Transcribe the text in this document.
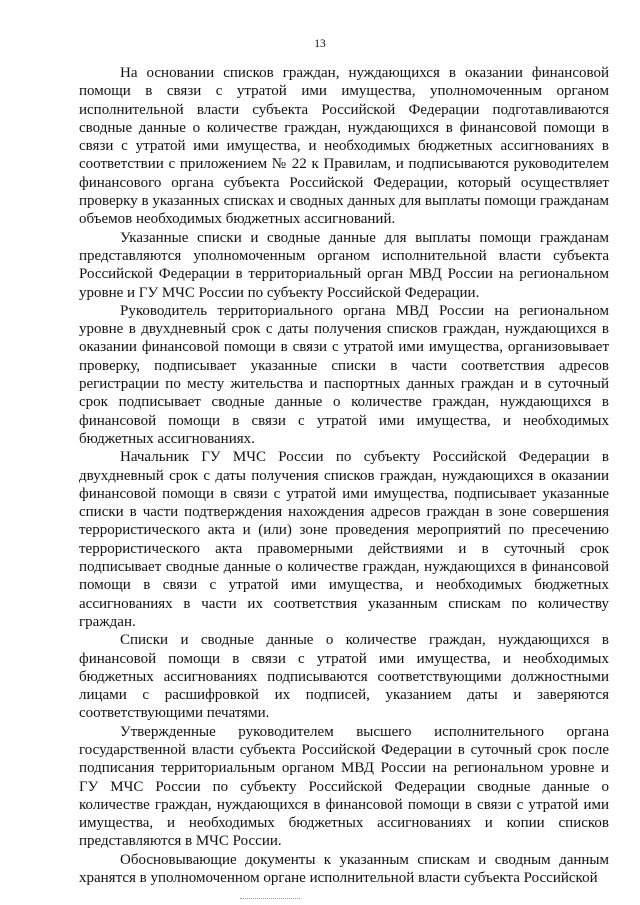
13

На основании списков граждан, нуждающихся в оказании финансовой помощи в связи с утратой ими имущества, уполномоченным органом исполнительной власти субъекта Российской Федерации подготавливаются сводные данные о количестве граждан, нуждающихся в финансовой помощи в связи с утратой ими имущества, и необходимых бюджетных ассигнованиях в соответствии с приложением № 22 к Правилам, и подписываются руководителем финансового органа субъекта Российской Федерации, который осуществляет проверку в указанных списках и сводных данных для выплаты помощи гражданам объемов необходимых бюджетных ассигнований.

Указанные списки и сводные данные для выплаты помощи гражданам представляются уполномоченным органом исполнительной власти субъекта Российской Федерации в территориальный орган МВД России на региональном уровне и ГУ МЧС России по субъекту Российской Федерации.

Руководитель территориального органа МВД России на региональном уровне в двухдневный срок с даты получения списков граждан, нуждающихся в оказании финансовой помощи в связи с утратой ими имущества, организовывает проверку, подписывает указанные списки в части соответствия адресов регистрации по месту жительства и паспортных данных граждан и в суточный срок подписывает сводные данные о количестве граждан, нуждающихся в финансовой помощи в связи с утратой ими имущества, и необходимых бюджетных ассигнованиях.

Начальник ГУ МЧС России по субъекту Российской Федерации в двухдневный срок с даты получения списков граждан, нуждающихся в оказании финансовой помощи в связи с утратой ими имущества, подписывает указанные списки в части подтверждения нахождения адресов граждан в зоне совершения террористического акта и (или) зоне проведения мероприятий по пресечению террористического акта правомерными действиями и в суточный срок подписывает сводные данные о количестве граждан, нуждающихся в финансовой помощи в связи с утратой ими имущества, и необходимых бюджетных ассигнованиях в части их соответствия указанным спискам по количеству граждан.

Списки и сводные данные о количестве граждан, нуждающихся в финансовой помощи в связи с утратой ими имущества, и необходимых бюджетных ассигнованиях подписываются соответствующими должностными лицами с расшифровкой их подписей, указанием даты и заверяются соответствующими печатями.

Утвержденные руководителем высшего исполнительного органа государственной власти субъекта Российской Федерации в суточный срок после подписания территориальным органом МВД России на региональном уровне и ГУ МЧС России по субъекту Российской Федерации сводные данные о количестве граждан, нуждающихся в финансовой помощи в связи с утратой ими имущества, и необходимых бюджетных ассигнованиях и копии списков представляются в МЧС России.

Обосновывающие документы к указанным спискам и сводным данным хранятся в уполномоченном органе исполнительной власти субъекта Российской
